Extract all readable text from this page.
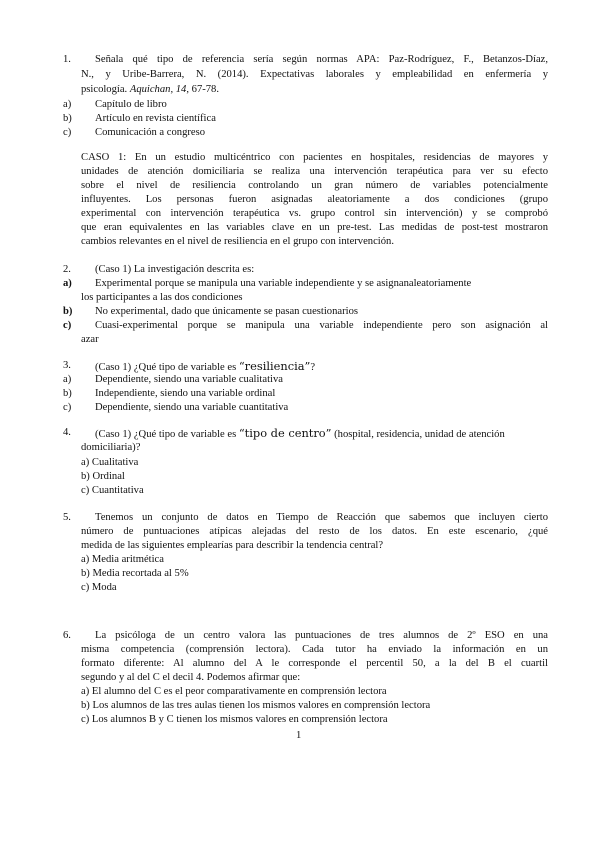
1. Señala qué tipo de referencia sería según normas APA: Paz-Rodríguez, F., Betanzos-Díaz,
N., y Uribe-Barrera, N. (2014). Expectativas laborales y empleabilidad en enfermería y
psicología. Aquichan, 14, 67-78.
a) Capítulo de libro
b) Artículo en revista científica
c) Comunicación a congreso
CASO 1: En un estudio multicéntrico con pacientes en hospitales, residencias de mayores y
unidades de atención domiciliaria se realiza una intervención terapéutica para ver su efecto
sobre el nivel de resiliencia controlando un gran número de variables potencialmente
influyentes. Los personas fueron asignadas aleatoriamente a dos condiciones (grupo
experimental con intervención terapéutica vs. grupo control sin intervención) y se comprobó
que eran equivalentes en las variables clave en un pre-test. Las medidas de post-test mostraron
cambios relevantes en el nivel de resiliencia en el grupo con intervención.
2. (Caso 1) La investigación descrita es:
a) Experimental porque se manipula una variable independiente y se asignanaleatoriamente
los participantes a las dos condiciones
b) No experimental, dado que únicamente se pasan cuestionarios
c) Cuasi-experimental porque se manipula una variable independiente pero son asignación al
azar
3. (Caso 1) ¿Qué tipo de variable es “resiliencia”?
a) Dependiente, siendo una variable cualitativa
b) Independiente, siendo una variable ordinal
c) Dependiente, siendo una variable cuantitativa
4. (Caso 1) ¿Qué tipo de variable es “tipo de centro” (hospital, residencia, unidad de atención
domiciliaria)?
a) Cualitativa
b) Ordinal
c) Cuantitativa
5. Tenemos un conjunto de datos en Tiempo de Reacción que sabemos que incluyen cierto
número de puntuaciones atípicas alejadas del resto de los datos. En este escenario, ¿qué
medida de las siguientes emplearías para describir la tendencia central?
a) Media aritmética
b) Media recortada al 5%
c) Moda
6. La psicóloga de un centro valora las puntuaciones de tres alumnos de 2º ESO en una
misma competencia (comprensión lectora). Cada tutor ha enviado la información en un
formato diferente: Al alumno del A le corresponde el percentil 50, a la del B el cuartil
segundo y al del C el decil 4. Podemos afirmar que:
a) El alumno del C es el peor comparativamente en comprensión lectora
b) Los alumnos de las tres aulas tienen los mismos valores en comprensión lectora
c) Los alumnos B y C tienen los mismos valores en comprensión lectora
1
